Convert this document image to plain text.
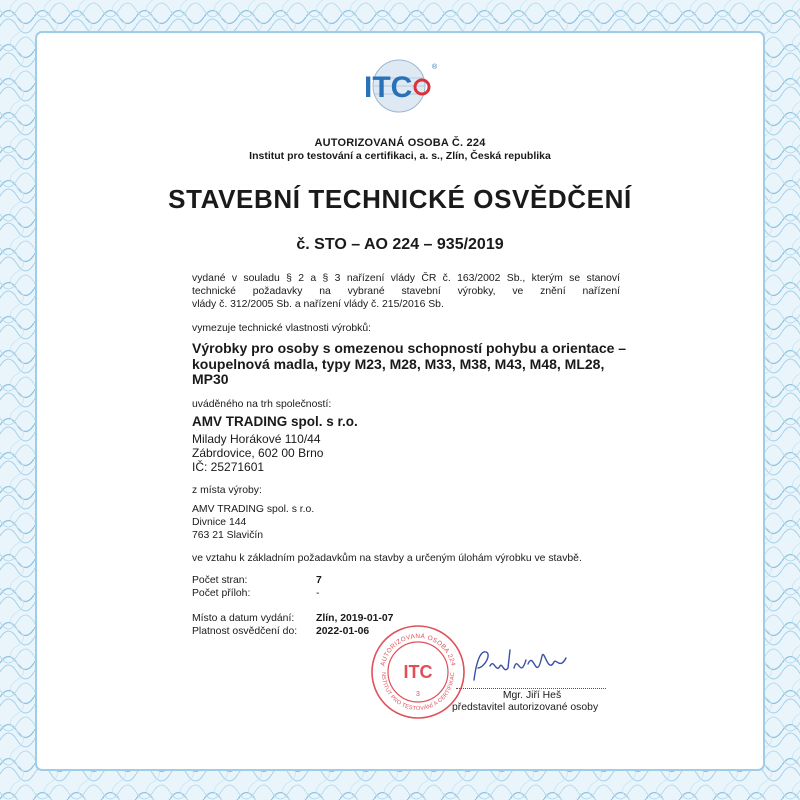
ITC
®
AUTORIZOVANÁ OSOBA Č. 224
Institut pro testování a certifikaci, a. s., Zlín, Česká republika
STAVEBNÍ TECHNICKÉ OSVĚDČENÍ
č. STO – AO 224 – 935/2019
vydané v souladu § 2 a § 3 nařízení vlády ČR č. 163/2002 Sb., kterým se stanoví
technické požadavky na vybrané stavební výrobky, ve znění nařízení
vlády č. 312/2005 Sb. a nařízení vlády č. 215/2016 Sb.
vymezuje technické vlastnosti výrobků:
Výrobky pro osoby s omezenou schopností pohybu a orientace –
koupelnová madla, typy M23, M28, M33, M38, M43, M48, ML28,
MP30
uváděného na trh společností:
AMV TRADING spol. s r.o.
Milady Horákové 110/44
Zábrdovice, 602 00 Brno
IČ: 25271601
z místa výroby:
AMV TRADING spol. s r.o.
Divnice 144
763 21 Slavičín
ve vztahu k základním požadavkům na stavby a určeným úlohám výrobku ve stavbě.
Počet stran:	7
Počet příloh:	-
Místo a datum vydání: Zlín, 2019-01-07
Platnost osvědčení do: 2022-01-06
AUTORIZOVANÁ OSOBA 224
NSTITUT PRO TESTOVÁNÍ A CERTIFIKAC
ITC
3	Mgr. Jiří Heš
představitel autorizované osoby
